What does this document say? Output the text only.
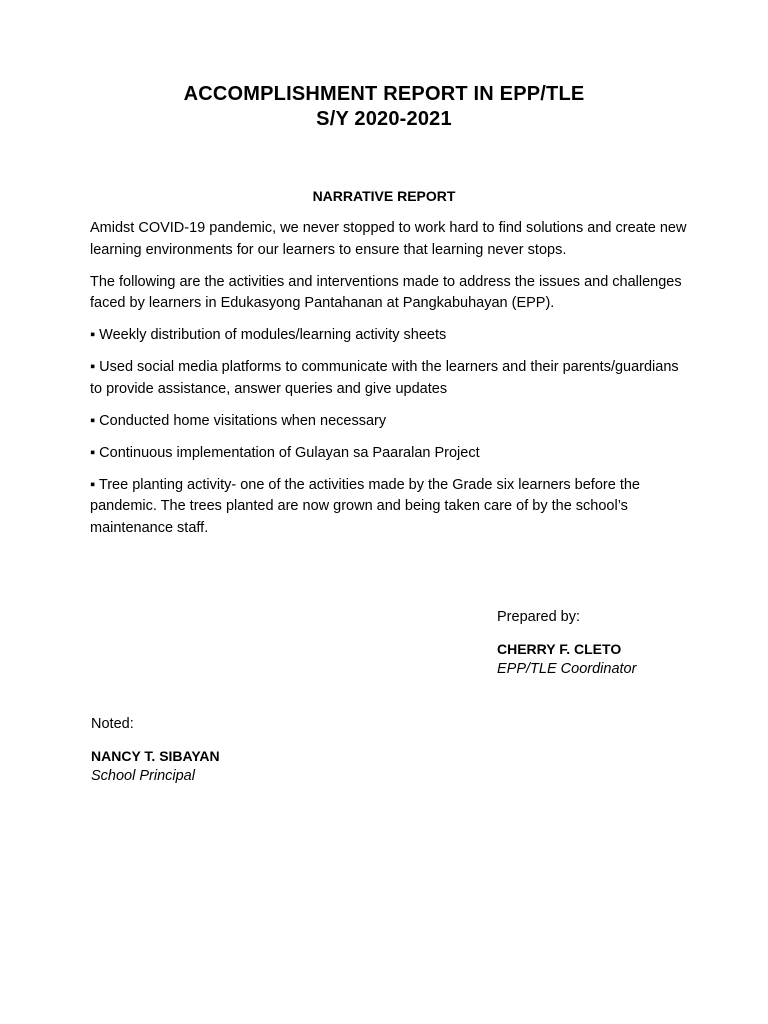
ACCOMPLISHMENT REPORT IN EPP/TLE
S/Y 2020-2021
NARRATIVE REPORT

Amidst COVID-19 pandemic, we never stopped to work hard to find solutions and create new learning environments for our learners to ensure that learning never stops.

The following are the activities and interventions made to address the issues and challenges faced by learners in Edukasyong Pantahanan at Pangkabuhayan (EPP).

▪ Weekly distribution of modules/learning activity sheets

▪ Used social media platforms to communicate with the learners and their parents/guardians to provide assistance, answer queries and give updates

▪ Conducted home visitations when necessary

▪ Continuous implementation of Gulayan sa Paaralan Project

▪ Tree planting activity- one of the activities made by the Grade six learners before the pandemic. The trees planted are now grown and being taken care of by the school’s maintenance staff.

Prepared by:
CHERRY F. CLETO
EPP/TLE Coordinator
Noted:
NANCY T. SIBAYAN
School Principal
